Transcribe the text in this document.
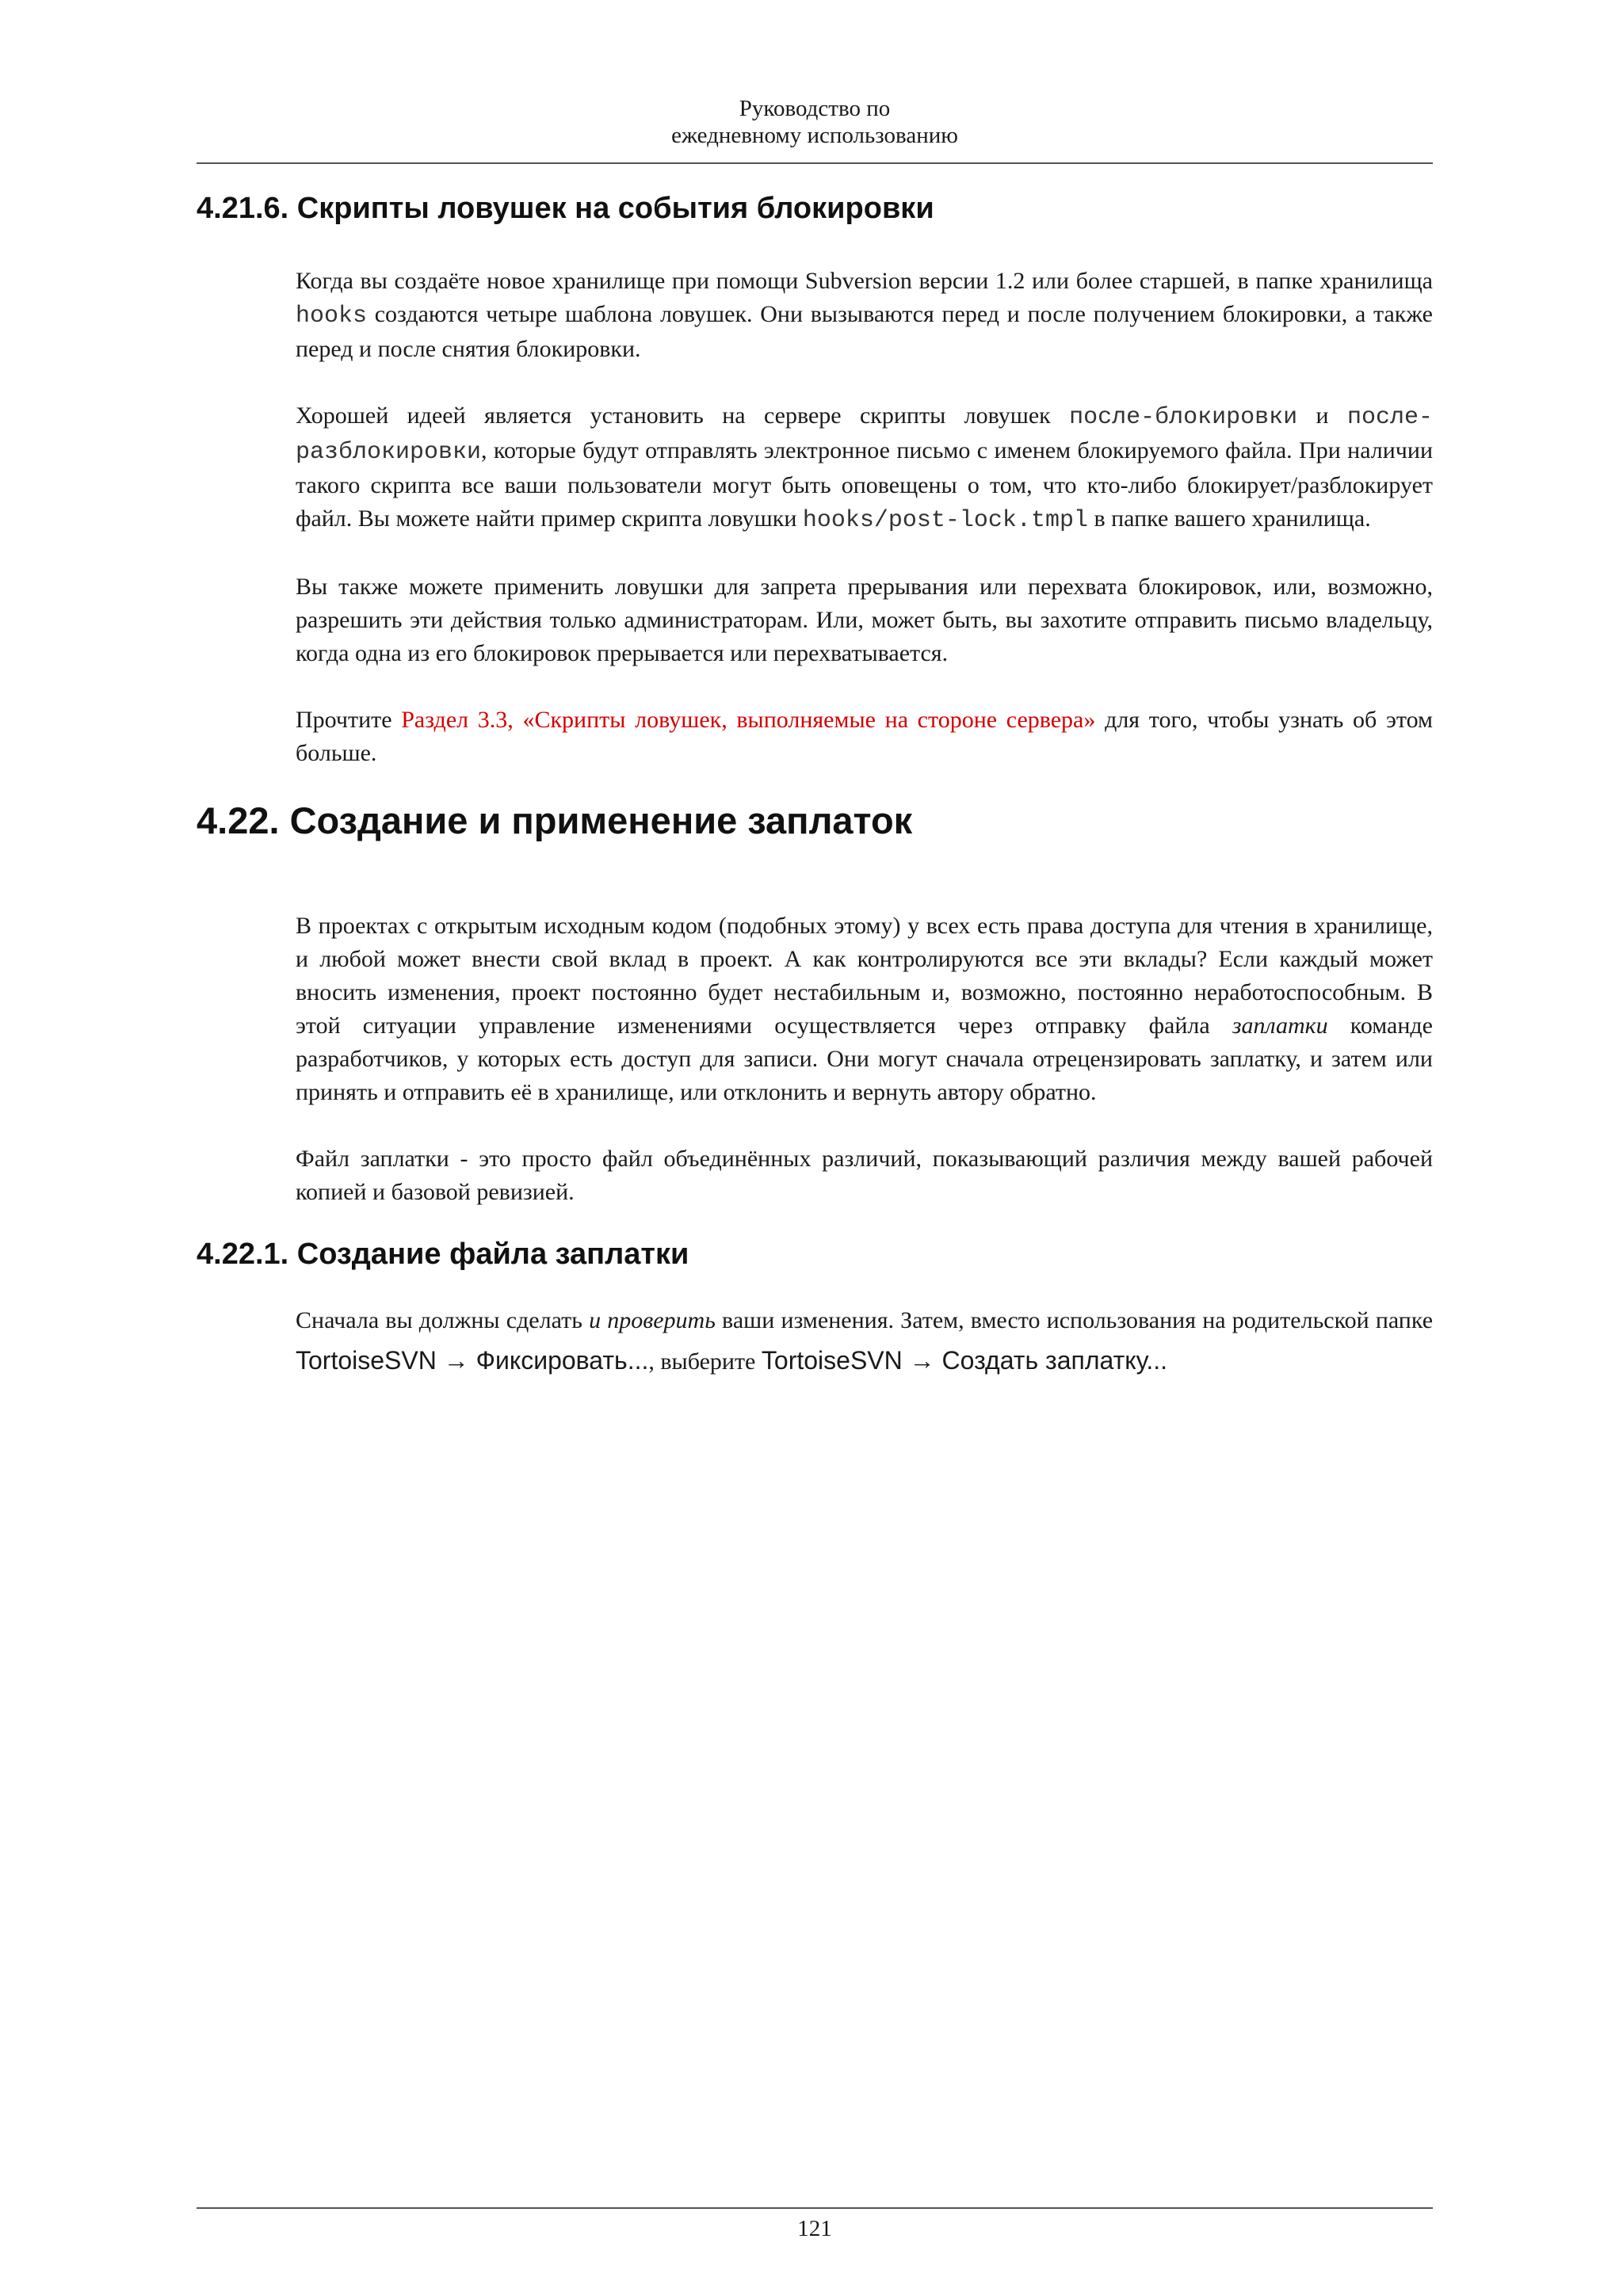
Руководство по
ежедневному использованию
4.21.6. Скрипты ловушек на события блокировки

Когда вы создаёте новое хранилище при помощи Subversion версии 1.2 или более старшей, в папке хранилища hooks создаются четыре шаблона ловушек. Они вызываются перед и после получением блокировки, а также перед и после снятия блокировки.

Хорошей идеей является установить на сервере скрипты ловушек после-блокировки и после-разблокировки, которые будут отправлять электронное письмо с именем блокируемого файла. При наличии такого скрипта все ваши пользователи могут быть оповещены о том, что кто-либо блокирует/разблокирует файл. Вы можете найти пример скрипта ловушки hooks/post-lock.tmpl в папке вашего хранилища.

Вы также можете применить ловушки для запрета прерывания или перехвата блокировок, или, возможно, разрешить эти действия только администраторам. Или, может быть, вы захотите отправить письмо владельцу, когда одна из его блокировок прерывается или перехватывается.

Прочтите Раздел 3.3, «Скрипты ловушек, выполняемые на стороне сервера» для того, чтобы узнать об этом больше.

4.22. Создание и применение заплаток

В проектах с открытым исходным кодом (подобных этому) у всех есть права доступа для чтения в хранилище, и любой может внести свой вклад в проект. А как контролируются все эти вклады? Если каждый может вносить изменения, проект постоянно будет нестабильным и, возможно, постоянно неработоспособным. В этой ситуации управление изменениями осуществляется через отправку файла заплатки команде разработчиков, у которых есть доступ для записи. Они могут сначала отрецензировать заплатку, и затем или принять и отправить её в хранилище, или отклонить и вернуть автору обратно.

Файл заплатки - это просто файл объединённых различий, показывающий различия между вашей рабочей копией и базовой ревизией.

4.22.1. Создание файла заплатки

Сначала вы должны сделать и проверить ваши изменения. Затем, вместо использования на родительской папке TortoiseSVN → Фиксировать..., выберите TortoiseSVN → Создать заплатку...

121
